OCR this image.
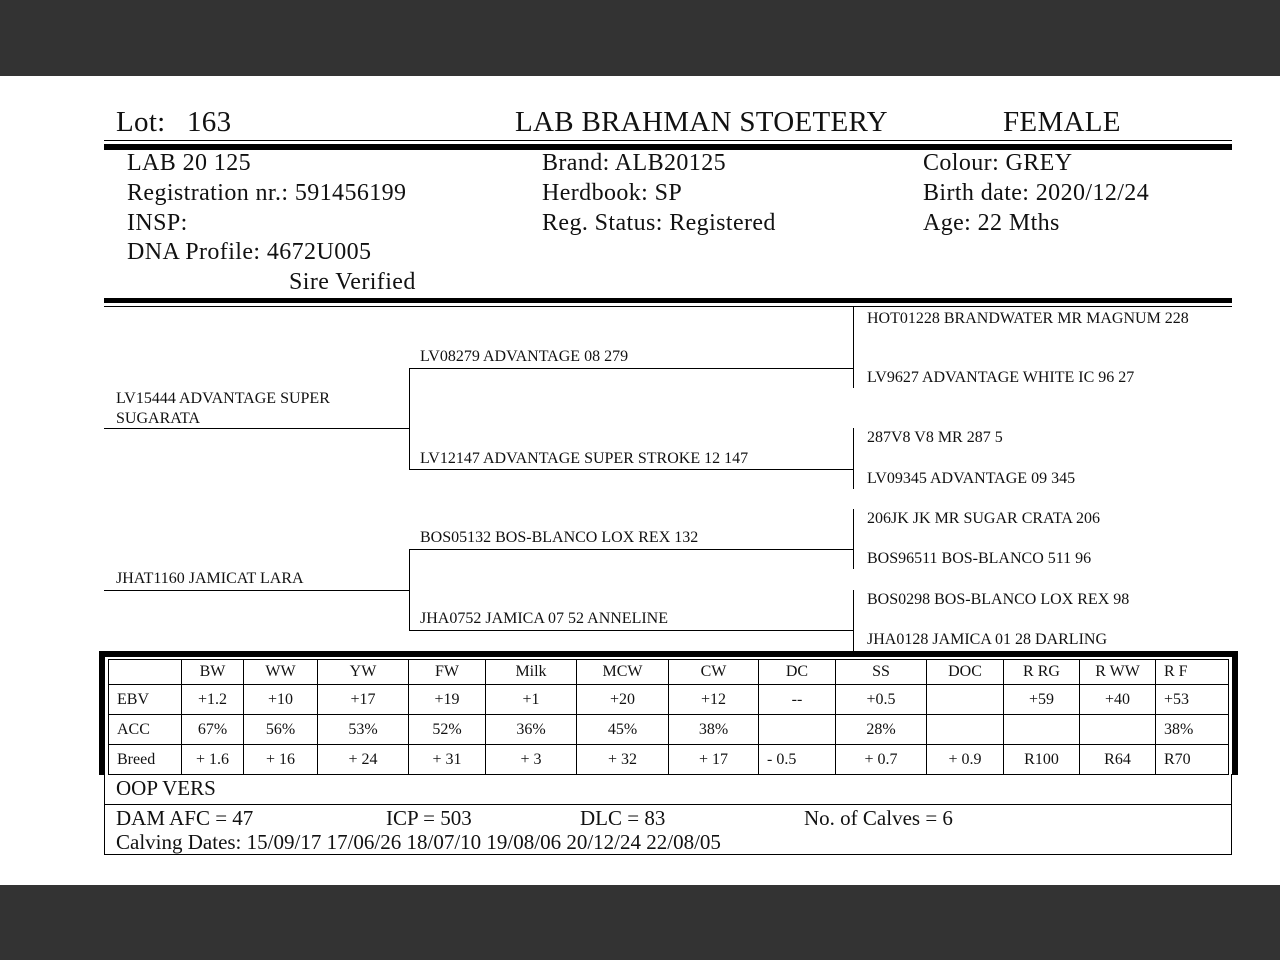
Lot: 163	LAB BRAHMAN STOETERY	FEMALE
LAB 20 125
Registration nr.: 591456199
INSP:
DNA Profile: 4672U005
Sire Verified
Brand: ALB20125
Herdbook: SP
Reg. Status: Registered
Colour: GREY
Birth date: 2020/12/24
Age: 22 Mths
LV15444 ADVANTAGE SUPER SUGARATA
JHAT1160 JAMICAT LARA
LV08279 ADVANTAGE 08 279
LV12147 ADVANTAGE SUPER STROKE 12 147
BOS05132 BOS-BLANCO LOX REX 132
JHA0752 JAMICA 07 52 ANNELINE
HOT01228 BRANDWATER MR MAGNUM 228
LV9627 ADVANTAGE WHITE IC 96 27
287V8 V8 MR 287 5
LV09345 ADVANTAGE 09 345
206JK JK MR SUGAR CRATA 206
BOS96511 BOS-BLANCO 511 96
BOS0298 BOS-BLANCO LOX REX 98
JHA0128 JAMICA 01 28 DARLING
	BW	WW	YW	FW	Milk	MCW	CW	DC	SS	DOC	R RG	R WW	R F
EBV	+1.2	+10	+17	+19	+1	+20	+12	--	+0.5		+59	+40	+53
ACC	67%	56%	53%	52%	36%	45%	38%		28%				38%
Breed	+ 1.6	+ 16	+ 24	+ 31	+ 3	+ 32	+ 17	- 0.5	+ 0.7	+ 0.9	R100	R64	R70
OOP VERS
DAM AFC = 47	ICP = 503	DLC = 83	No. of Calves = 6
Calving Dates: 15/09/17 17/06/26 18/07/10 19/08/06 20/12/24 22/08/05
